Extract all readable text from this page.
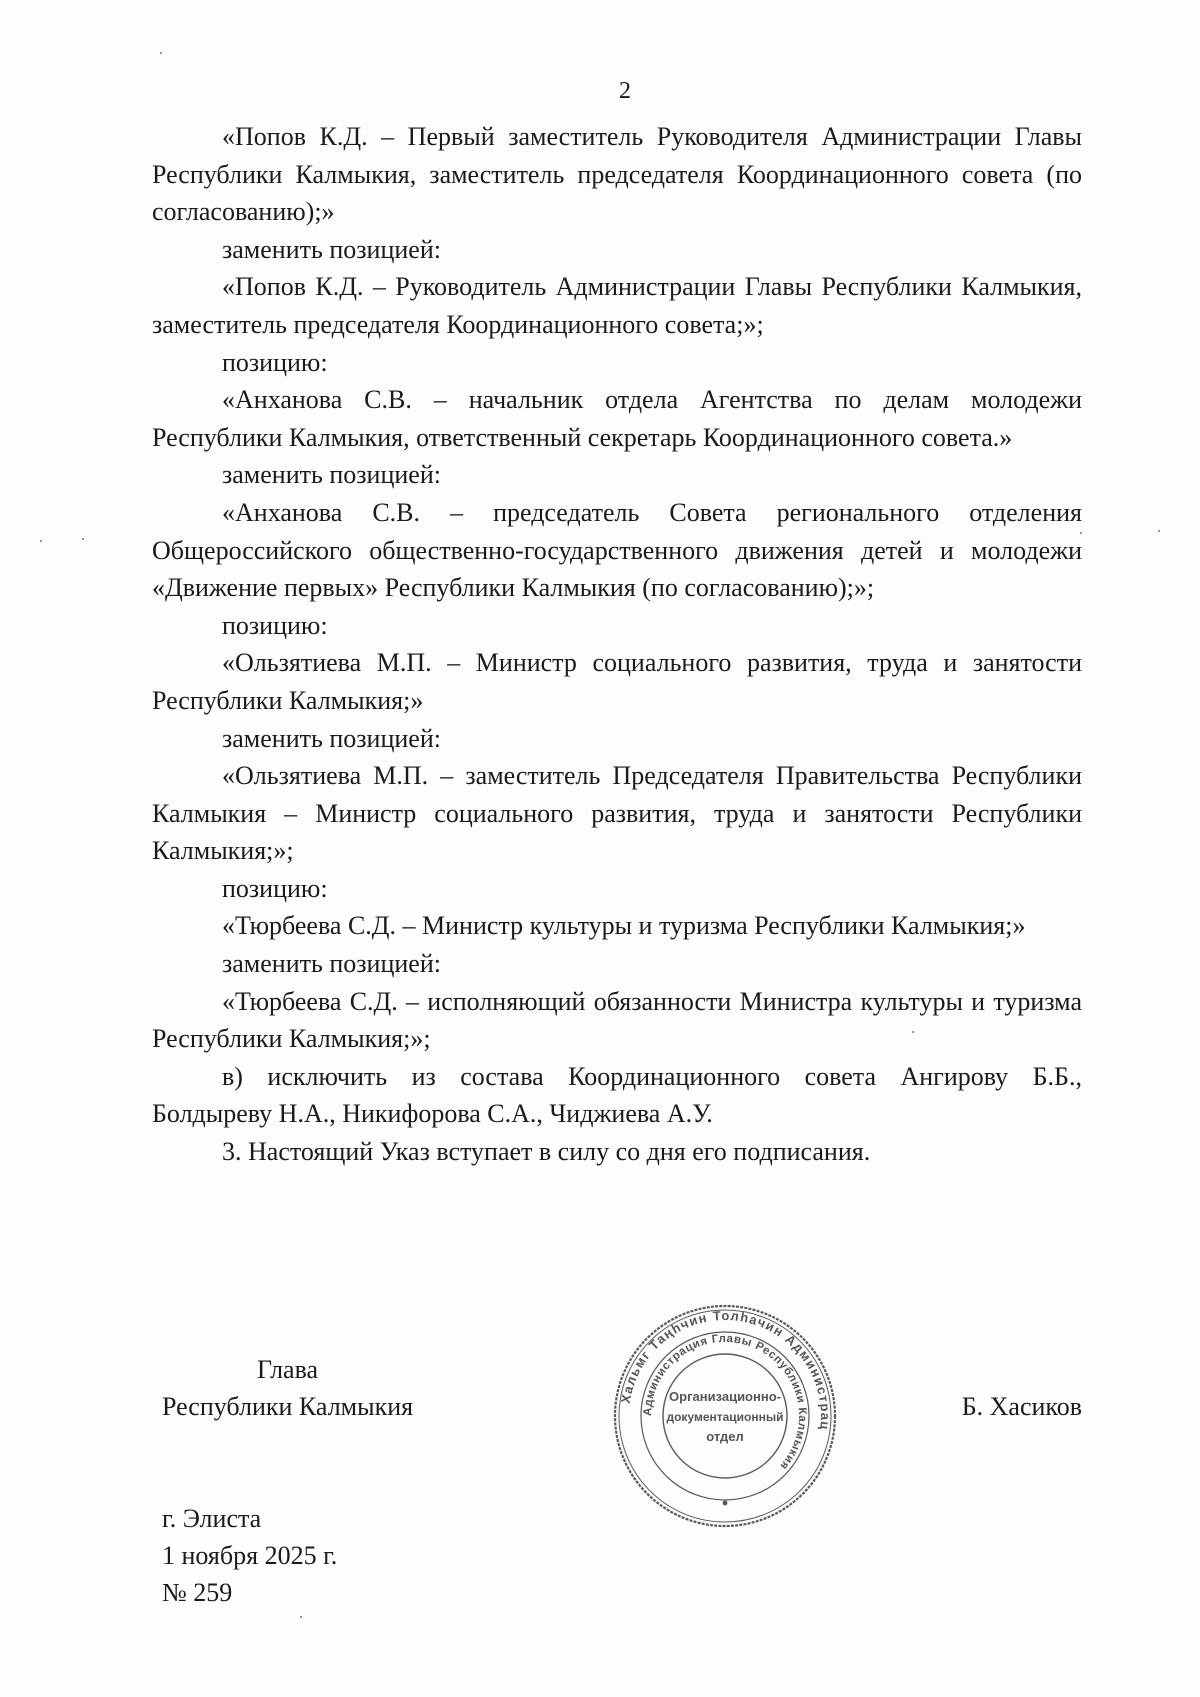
2

«Попов К.Д. – Первый заместитель Руководителя Администрации Главы Республики Калмыкия, заместитель председателя Координационного совета (по согласованию);»

заменить позицией:

«Попов К.Д. – Руководитель Администрации Главы Республики Калмыкия, заместитель председателя Координационного совета;»;

позицию:

«Анханова С.В. – начальник отдела Агентства по делам молодежи Республики Калмыкия, ответственный секретарь Координационного совета.»

заменить позицией:

«Анханова С.В. – председатель Совета регионального отделения Общероссийского общественно-государственного движения детей и молодежи «Движение первых» Республики Калмыкия (по согласованию);»;

позицию:

«Ользятиева М.П. – Министр социального развития, труда и занятости Республики Калмыкия;»

заменить позицией:

«Ользятиева М.П. – заместитель Председателя Правительства Республики Калмыкия – Министр социального развития, труда и занятости Республики Калмыкия;»;

позицию:

«Тюрбеева С.Д. – Министр культуры и туризма Республики Калмыкия;»

заменить позицией:

«Тюрбеева С.Д. – исполняющий обязанности Министра культуры и туризма Республики Калмыкия;»;

в) исключить из состава Координационного совета Ангирову Б.Б., Болдыреву Н.А., Никифорова С.А., Чиджиева А.У.

3. Настоящий Указ вступает в силу со дня его подписания.

Глава
Республики Калмыкия	Б. Хасиков
Хальмг Таңһчин Толһачин Администрац
Администрация Главы Республики Калмыкия
Организационно-
документационный
отдел
г. Элиста
1 ноября 2025 г.
№ 259
